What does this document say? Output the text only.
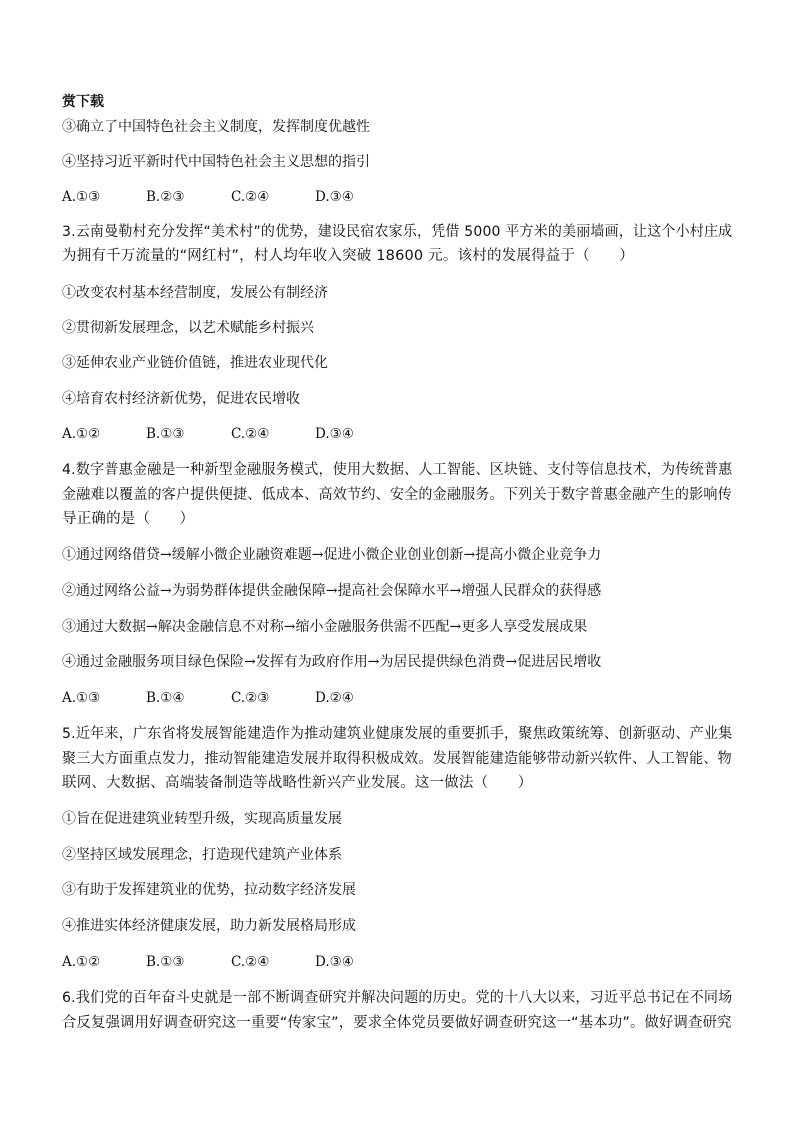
赏下载
③确立了中国特色社会主义制度，发挥制度优越性
④坚持习近平新时代中国特色社会主义思想的指引
A.①③	B.②③	C.②④	D.③④
3.云南曼勒村充分发挥“美术村”的优势，建设民宿农家乐，凭借 5000 平方米的美丽墙画，让这个小村庄成
为拥有千万流量的“网红村”，村人均年收入突破 18600 元。该村的发展得益于（　　）
①改变农村基本经营制度，发展公有制经济
②贯彻新发展理念，以艺术赋能乡村振兴
③延伸农业产业链价值链，推进农业现代化
④培育农村经济新优势，促进农民增收
A.①②	B.①③	C.②④	D.③④
4.数字普惠金融是一种新型金融服务模式，使用大数据、人工智能、区块链、支付等信息技术，为传统普惠
金融难以覆盖的客户提供便捷、低成本、高效节约、安全的金融服务。下列关于数字普惠金融产生的影响传
导正确的是（　　）
①通过网络借贷→缓解小微企业融资难题→促进小微企业创业创新→提高小微企业竞争力
②通过网络公益→为弱势群体提供金融保障→提高社会保障水平→增强人民群众的获得感
③通过大数据→解决金融信息不对称→缩小金融服务供需不匹配→更多人享受发展成果
④通过金融服务项目绿色保险→发挥有为政府作用→为居民提供绿色消费→促进居民增收
A.①③	B.①④	C.②③	D.②④
5.近年来，广东省将发展智能建造作为推动建筑业健康发展的重要抓手，聚焦政策统筹、创新驱动、产业集
聚三大方面重点发力，推动智能建造发展并取得积极成效。发展智能建造能够带动新兴软件、人工智能、物
联网、大数据、高端装备制造等战略性新兴产业发展。这一做法（　　）
①旨在促进建筑业转型升级，实现高质量发展
②坚持区域发展理念，打造现代建筑产业体系
③有助于发挥建筑业的优势，拉动数字经济发展
④推进实体经济健康发展，助力新发展格局形成
A.①②	B.①③	C.②④	D.③④
6.我们党的百年奋斗史就是一部不断调查研究并解决问题的历史。党的十八大以来，习近平总书记在不同场
合反复强调用好调查研究这一重要“传家宝”，要求全体党员要做好调查研究这一“基本功”。做好调查研究
